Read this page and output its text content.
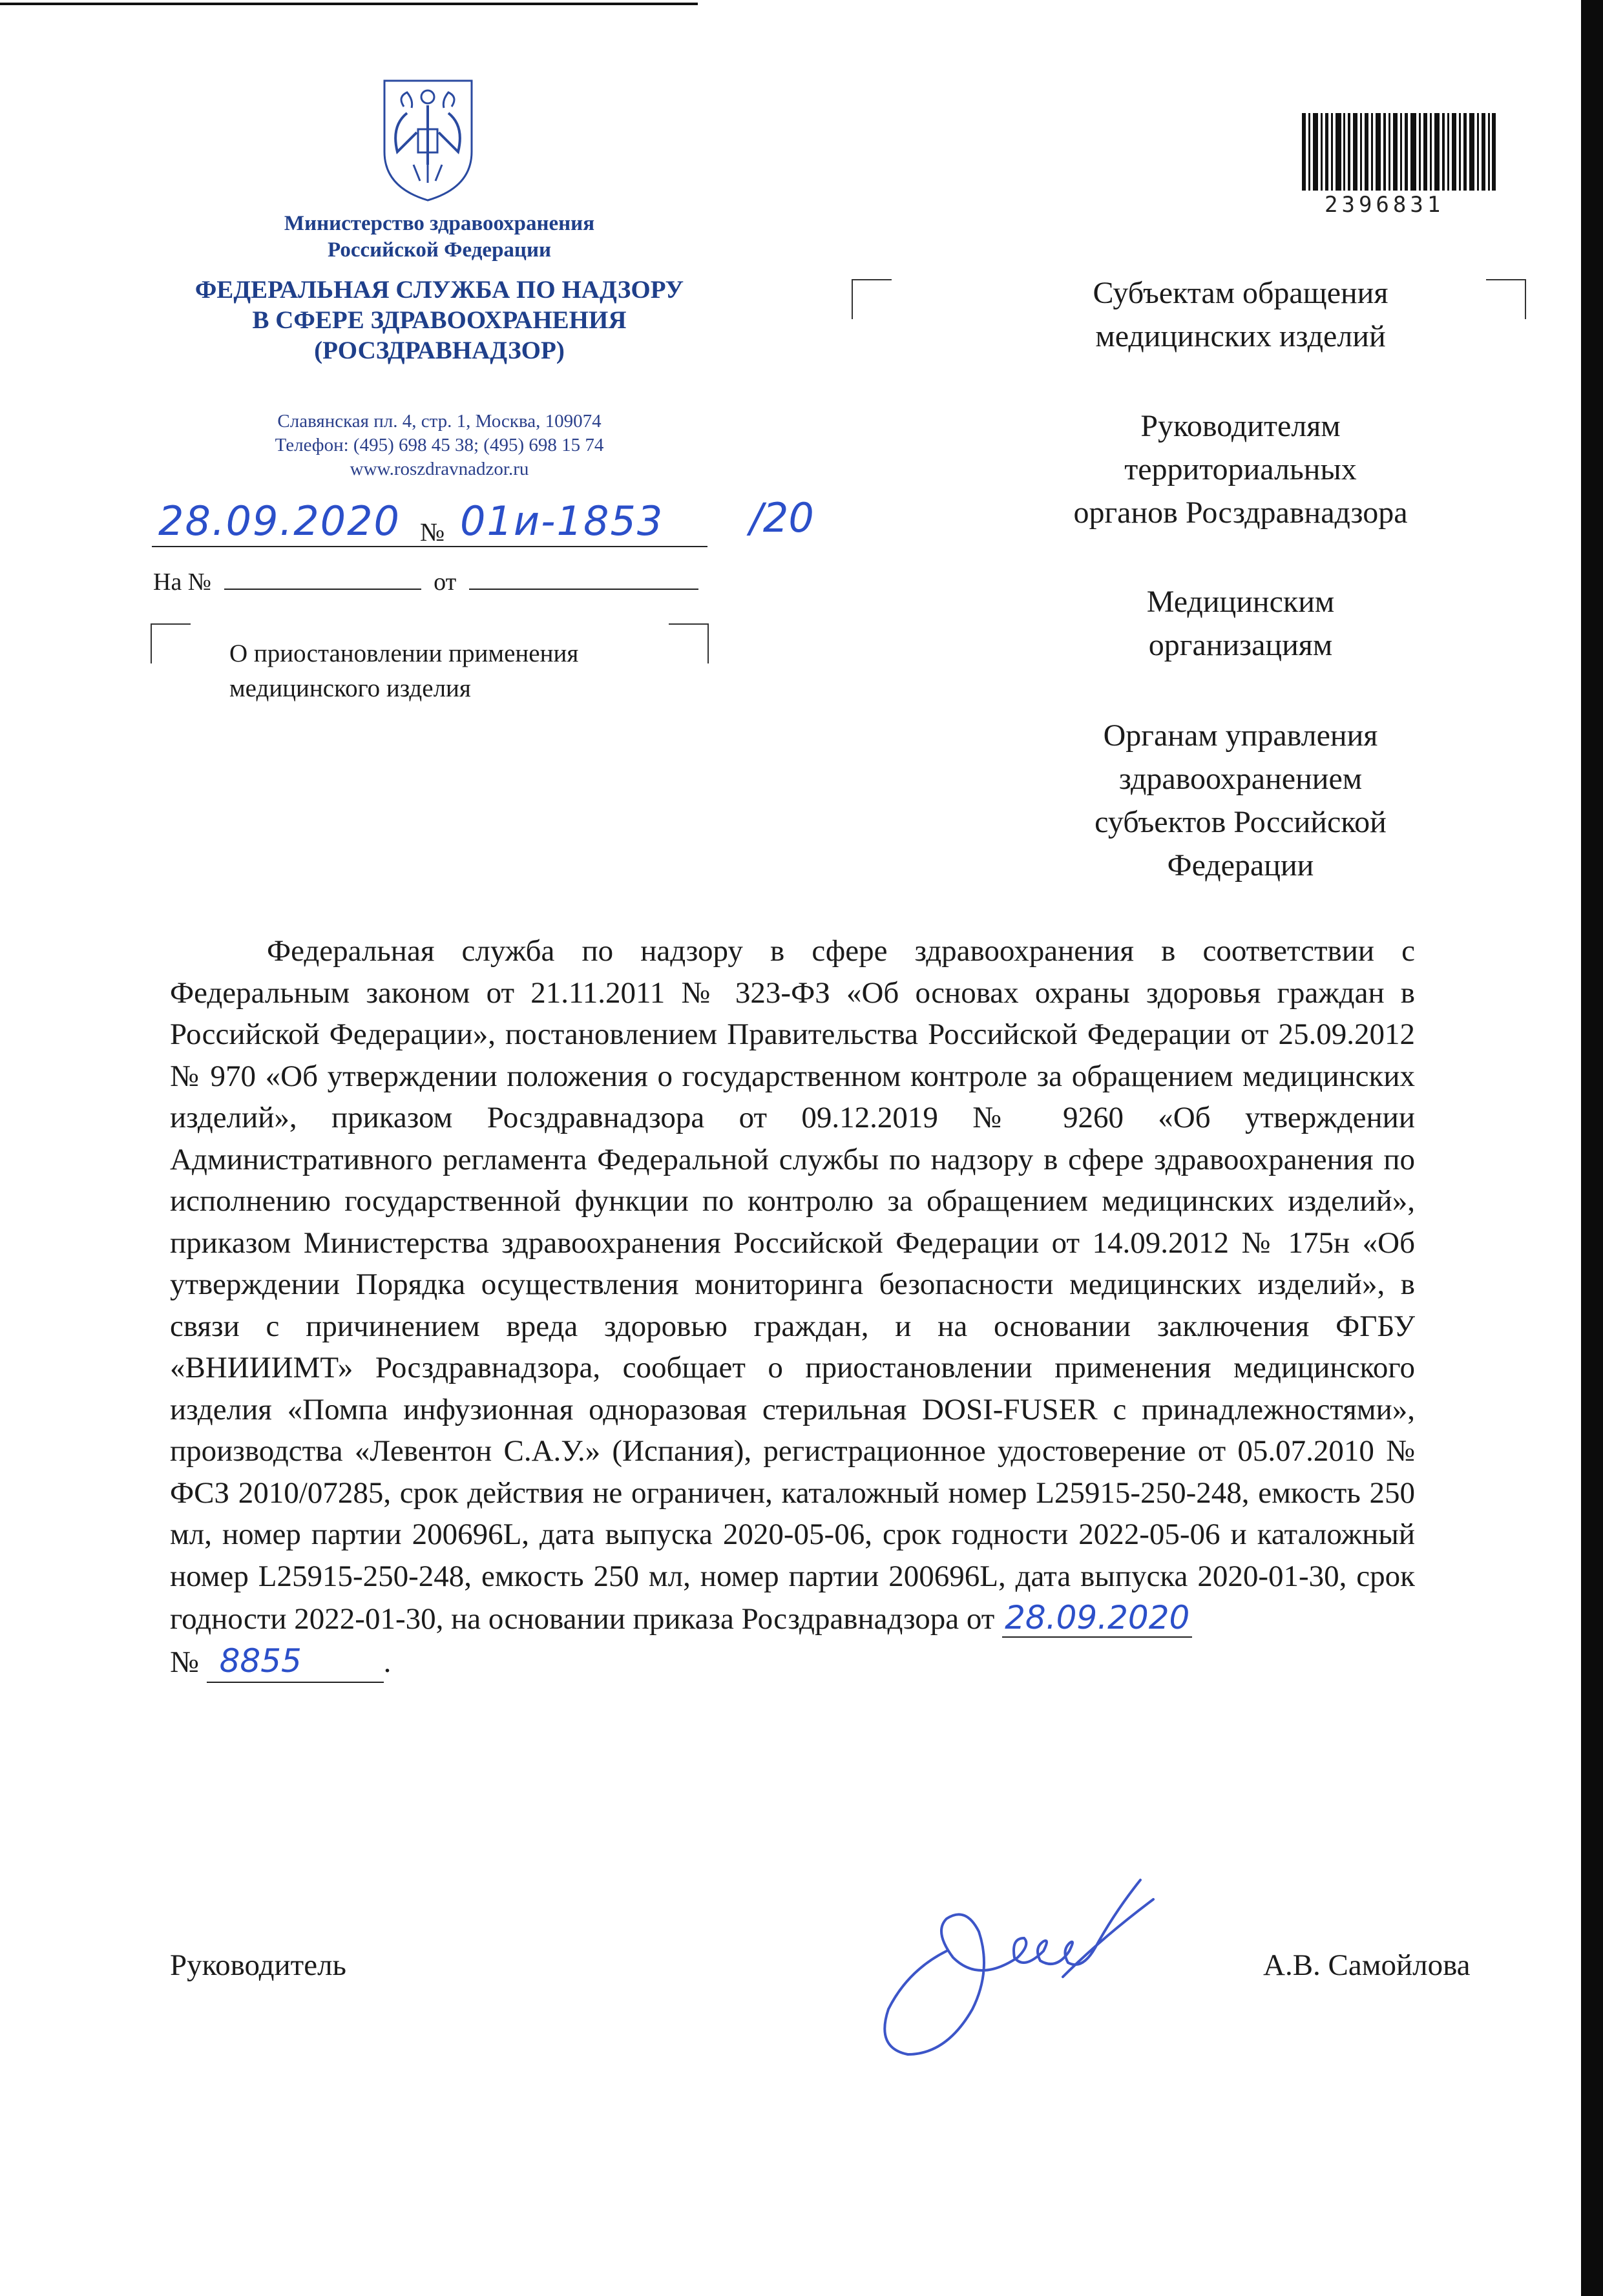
Министерство здравоохранения
Российской Федерации
ФЕДЕРАЛЬНАЯ СЛУЖБА ПО НАДЗОРУ
В СФЕРЕ ЗДРАВООХРАНЕНИЯ
(РОСЗДРАВНАДЗОР)
Славянская пл. 4, стр. 1, Москва, 109074
Телефон: (495) 698 45 38; (495) 698 15 74
www.roszdravnadzor.ru
28.09.2020 № 01и-1853 /20
На №	от
О приостановлении применения
медицинского изделия
2396831
Субъектам обращения
медицинских изделий
Руководителям
территориальных
органов Росздравнадзора
Медицинским
организациям
Органам управления
здравоохранением
субъектов Российской
Федерации
Федеральная служба по надзору в сфере здравоохранения в соответствии с Федеральным законом от 21.11.2011 № 323-ФЗ «Об основах охраны здоровья граждан в Российской Федерации», постановлением Правительства Российской Федерации от 25.09.2012 № 970 «Об утверждении положения о государственном контроле за обращением медицинских изделий», приказом Росздравнадзора от 09.12.2019 № 9260 «Об утверждении Административного регламента Федеральной службы по надзору в сфере здравоохранения по исполнению государственной функции по контролю за обращением медицинских изделий», приказом Министерства здравоохранения Российской Федерации от 14.09.2012 № 175н «Об утверждении Порядка осуществления мониторинга безопасности медицинских изделий», в связи с причинением вреда здоровью граждан, и на основании заключения ФГБУ «ВНИИИМТ» Росздравнадзора, сообщает о приостановлении применения медицинского изделия «Помпа инфузионная одноразовая стерильная DOSI-FUSER с принадлежностями», производства «Левентон С.А.У.» (Испания), регистрационное удостоверение от 05.07.2010 № ФСЗ 2010/07285, срок действия не ограничен, каталожный номер L25915-250-248, емкость 250 мл, номер партии 200696L, дата выпуска 2020-05-06, срок годности 2022-05-06 и каталожный номер L25915-250-248, емкость 250 мл, номер партии 200696L, дата выпуска 2020-01-30, срок годности 2022-01-30, на основании приказа Росздравнадзора от 28.09.2020
№ 8855	.
Руководитель	А.В. Самойлова
